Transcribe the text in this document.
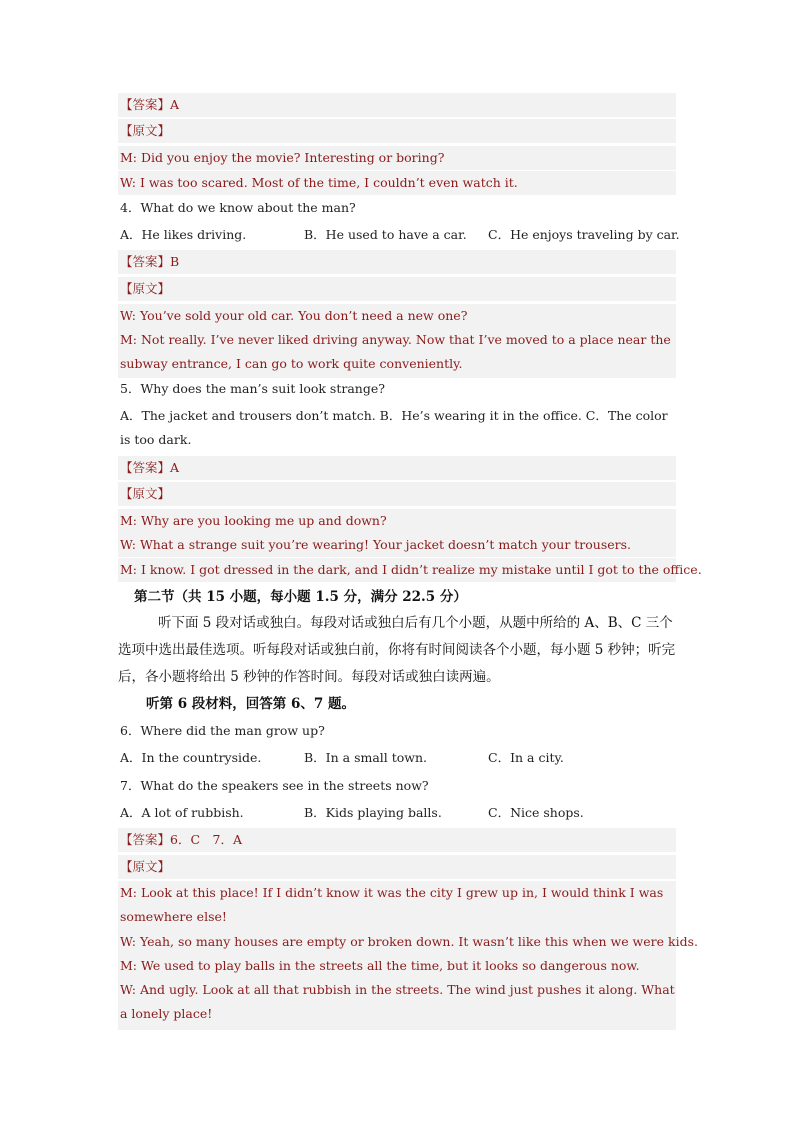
【答案】A
【原文】
M: Did you enjoy the movie? Interesting or boring?
W: I was too scared. Most of the time, I couldn’t even watch it.
4．What do we know about the man?
A．He likes driving.	B．He used to have a car. C．He enjoys traveling by car.
【答案】B
【原文】
W: You’ve sold your old car. You don’t need a new one?
M: Not really. I’ve never liked driving anyway. Now that I’ve moved to a place near the subway entrance, I can go to work quite conveniently.
5．Why does the man’s suit look strange?
A．The jacket and trousers don’t match. B．He’s wearing it in the office. C．The color is too dark.
【答案】A
【原文】
M: Why are you looking me up and down?
W: What a strange suit you’re wearing! Your jacket doesn’t match your trousers.
M: I know. I got dressed in the dark, and I didn’t realize my mistake until I got to the office.
第二节（共 15 小题，每小题 1.5 分，满分 22.5 分）
听下面 5 段对话或独白。每段对话或独白后有几个小题，从题中所给的 A、B、C 三个选项中选出最佳选项。听每段对话或独白前，你将有时间阅读各个小题，每小题 5 秒钟；听完后，各小题将给出 5 秒钟的作答时间。每段对话或独白读两遍。
听第 6 段材料，回答第 6、7 题。
6．Where did the man grow up?
A．In the countryside.	B．In a small town.	C．In a city.
7．What do the speakers see in the streets now?
A．A lot of rubbish.	B．Kids playing balls.	C．Nice shops.
【答案】6．C　7．A
【原文】
M: Look at this place! If I didn’t know it was the city I grew up in, I would think I was somewhere else!
W: Yeah, so many houses are empty or broken down. It wasn’t like this when we were kids.
M: We used to play balls in the streets all the time, but it looks so dangerous now.
W: And ugly. Look at all that rubbish in the streets. The wind just pushes it along. What a lonely place!
